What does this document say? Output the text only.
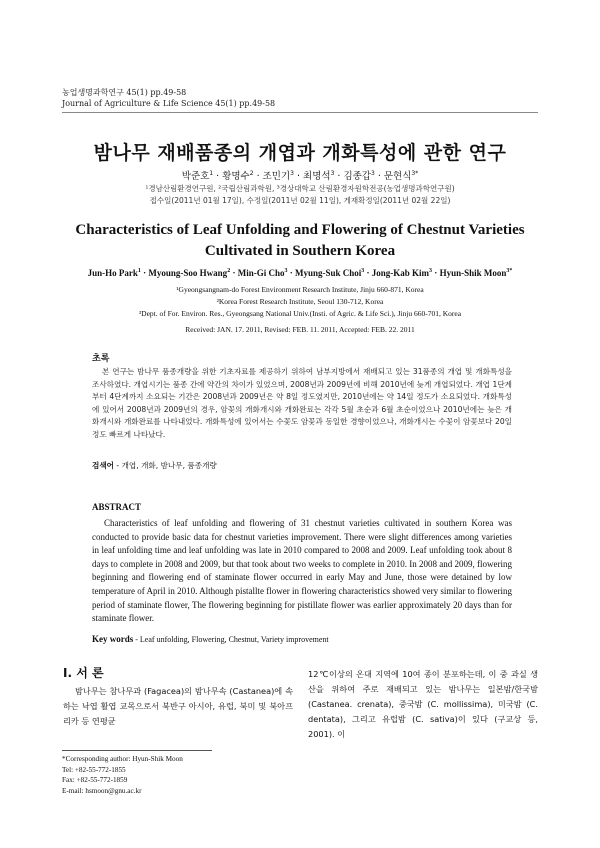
농업생명과학연구 45(1) pp.49-58
Journal of Agriculture & Life Science 45(1) pp.49-58
밤나무 재배품종의 개엽과 개화특성에 관한 연구
박준호$^1$ · 황명수$^2$ · 조민기$^3$ · 최명석$^3$ · 김종갑$^3$ · 문현식$^{3*}$
¹경남산림환경연구원, ²국립산림과학원, ³경상대학교 산림환경자원학전공(농업생명과학연구원)
접수일(2011년 01월 17일), 수정일(2011년 02월 11일), 게재확정일(2011년 02월 22일)
Characteristics of Leaf Unfolding and Flowering of Chestnut Varieties
Cultivated in Southern Korea
Jun-Ho Park$^1$ · Myoung-Soo Hwang$^2$ · Min-Gi Cho$^3$ · Myung-Suk Choi$^3$ · Jong-Kab Kim$^3$ · Hyun-Shik Moon$^{3*}$
¹Gyeongsangnam-do Forest Environment Research Institute, Jinju 660-871, Korea
²Korea Forest Research Institute, Seoul 130-712, Korea
³Dept. of For. Environ. Res., Gyeongsang National Univ.(Insti. of Agric. & Life Sci.), Jinju 660-701, Korea
Received: JAN. 17. 2011, Revised: FEB. 11. 2011, Accepted: FEB. 22. 2011
초록
본 연구는 밤나무 품종개량을 위한 기초자료를 제공하기 위하여 남부지방에서 재배되고 있는 31품종의 개엽 및 개화특성을 조사하였다. 개엽시기는 품종 간에 약간의 차이가 있었으며, 2008년과 2009년에 비해 2010년에 늦게 개엽되었다. 개엽 1단계부터 4단계까지 소요되는 기간은 2008년과 2009년은 약 8일 정도였지만, 2010년에는 약 14일 정도가 소요되었다. 개화특성에 있어서 2008년과 2009년의 경우, 암꽃의 개화개시와 개화완료는 각각 5월 초순과 6월 초순이었으나 2010년에는 늦은 개화개시와 개화완료를 나타내었다. 개화특성에 있어서는 수꽃도 암꽃과 동일한 경향이었으나, 개화개시는 수꽃이 암꽃보다 20일 정도 빠르게 나타났다.
검색어 - 개엽, 개화, 밤나무, 품종개량
ABSTRACT
Characteristics of leaf unfolding and flowering of 31 chestnut varieties cultivated in southern Korea was conducted to provide basic data for chestnut varieties improvement. There were slight differences among varieties in leaf unfolding time and leaf unfolding was late in 2010 compared to 2008 and 2009. Leaf unfolding took about 8 days to complete in 2008 and 2009, but that took about two weeks to complete in 2010. In 2008 and 2009, flowering beginning and flowering end of staminate flower occurred in early May and June, those were detained by low temperature of April in 2010. Although pistallte flower in flowering characteristics showed very similar to flowering period of staminate flower, The flowering beginning for pistillate flower was earlier approximately 20 days than for staminate flower.
Key words - Leaf unfolding, Flowering, Chestnut, Variety improvement
I. 서 론
밤나무는 참나무과 (Fagacea)의 밤나무속 (Castanea)에 속하는 낙엽 활엽 교목으로서 북반구 아시아, 유럽, 북미 및 북아프리카 등 연평균
12℃이상의 온대 지역에 10여 종이 분포하는데, 이 중 과실 생산을 위하여 주로 재배되고 있는 밤나무는 일본밤/한국밤 (Castanea. crenata), 중국밤 (C. mollissima), 미국밤 (C. dentata), 그리고 유럽밤 (C. sativa)이 있다 (구교상 등, 2001). 이
*Corresponding author: Hyun-Shik Moon
Tel: +82-55-772-1855
Fax: +82-55-772-1859
E-mail: hsmoon@gnu.ac.kr
